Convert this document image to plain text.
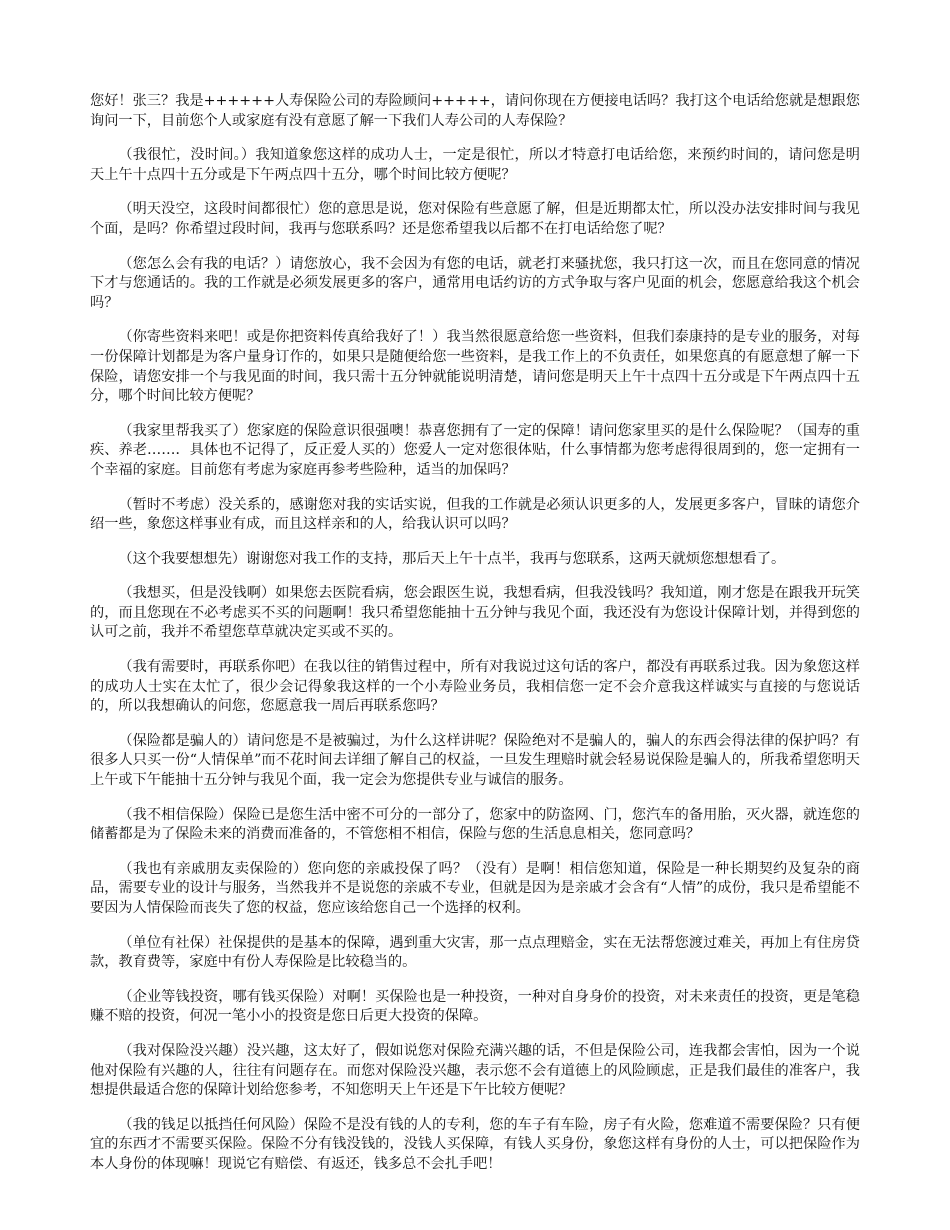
您好！张三？我是++++++人寿保险公司的寿险顾问+++++，请问你现在方便接电话吗？我打这个电话给您就是想跟您询问一下，目前您个人或家庭有没有意愿了解一下我们人寿公司的人寿保险？

（我很忙，没时间。）我知道象您这样的成功人士，一定是很忙，所以才特意打电话给您，来预约时间的，请问您是明天上午十点四十五分或是下午两点四十五分，哪个时间比较方便呢？

（明天没空，这段时间都很忙）您的意思是说，您对保险有些意愿了解，但是近期都太忙，所以没办法安排时间与我见个面，是吗？你希望过段时间，我再与您联系吗？还是您希望我以后都不在打电话给您了呢？

（您怎么会有我的电话？）请您放心，我不会因为有您的电话，就老打来骚扰您，我只打这一次，而且在您同意的情况下才与您通话的。我的工作就是必须发展更多的客户，通常用电话约访的方式争取与客户见面的机会，您愿意给我这个机会吗？

（你寄些资料来吧！或是你把资料传真给我好了！）我当然很愿意给您一些资料，但我们泰康持的是专业的服务，对每一份保障计划都是为客户量身订作的，如果只是随便给您一些资料，是我工作上的不负责任，如果您真的有愿意想了解一下保险，请您安排一个与我见面的时间，我只需十五分钟就能说明清楚，请问您是明天上午十点四十五分或是下午两点四十五分，哪个时间比较方便呢？

（我家里帮我买了）您家庭的保险意识很强噢！恭喜您拥有了一定的保障！请问您家里买的是什么保险呢？（国寿的重疾、养老……．具体也不记得了，反正爱人买的）您爱人一定对您很体贴，什么事情都为您考虑得很周到的，您一定拥有一个幸福的家庭。目前您有考虑为家庭再参考些险种，适当的加保吗？

（暂时不考虑）没关系的，感谢您对我的实话实说，但我的工作就是必须认识更多的人，发展更多客户，冒昧的请您介绍一些，象您这样事业有成，而且这样亲和的人，给我认识可以吗？

（这个我要想想先）谢谢您对我工作的支持，那后天上午十点半，我再与您联系，这两天就烦您想想看了。

（我想买，但是没钱啊）如果您去医院看病，您会跟医生说，我想看病，但我没钱吗？我知道，刚才您是在跟我开玩笑的，而且您现在不必考虑买不买的问题啊！我只希望您能抽十五分钟与我见个面，我还没有为您设计保障计划，并得到您的认可之前，我并不希望您草草就决定买或不买的。

（我有需要时，再联系你吧）在我以往的销售过程中，所有对我说过这句话的客户，都没有再联系过我。因为象您这样的成功人士实在太忙了，很少会记得象我这样的一个小寿险业务员，我相信您一定不会介意我这样诚实与直接的与您说话的，所以我想确认的问您，您愿意我一周后再联系您吗？

（保险都是骗人的）请问您是不是被骗过，为什么这样讲呢？保险绝对不是骗人的，骗人的东西会得法律的保护吗？有很多人只买一份“人情保单”而不花时间去详细了解自己的权益，一旦发生理赔时就会轻易说保险是骗人的，所我希望您明天上午或下午能抽十五分钟与我见个面，我一定会为您提供专业与诚信的服务。

（我不相信保险）保险已是您生活中密不可分的一部分了，您家中的防盗网、门，您汽车的备用胎，灭火器，就连您的储蓄都是为了保险未来的消费而准备的，不管您相不相信，保险与您的生活息息相关，您同意吗？

（我也有亲戚朋友卖保险的）您向您的亲戚投保了吗？（没有）是啊！相信您知道，保险是一种长期契约及复杂的商品，需要专业的设计与服务，当然我并不是说您的亲戚不专业，但就是因为是亲戚才会含有“人情”的成份，我只是希望能不要因为人情保险而丧失了您的权益，您应该给您自己一个选择的权利。

（单位有社保）社保提供的是基本的保障，遇到重大灾害，那一点点理赔金，实在无法帮您渡过难关，再加上有住房贷款，教育费等，家庭中有份人寿保险是比较稳当的。

（企业等钱投资，哪有钱买保险）对啊！买保险也是一种投资，一种对自身身价的投资，对未来责任的投资，更是笔稳赚不赔的投资，何况一笔小小的投资是您日后更大投资的保障。

（我对保险没兴趣）没兴趣，这太好了，假如说您对保险充满兴趣的话，不但是保险公司，连我都会害怕，因为一个说他对保险有兴趣的人，往往有问题存在。而您对保险没兴趣，表示您不会有道德上的风险顾虑，正是我们最佳的准客户，我想提供最适合您的保障计划给您参考，不知您明天上午还是下午比较方便呢？

（我的钱足以抵挡任何风险）保险不是没有钱的人的专利，您的车子有车险，房子有火险，您难道不需要保险？只有便宜的东西才不需要买保险。保险不分有钱没钱的，没钱人买保障，有钱人买身份，象您这样有身份的人士，可以把保险作为本人身份的体现嘛！现说它有赔偿、有返还，钱多总不会扎手吧！
